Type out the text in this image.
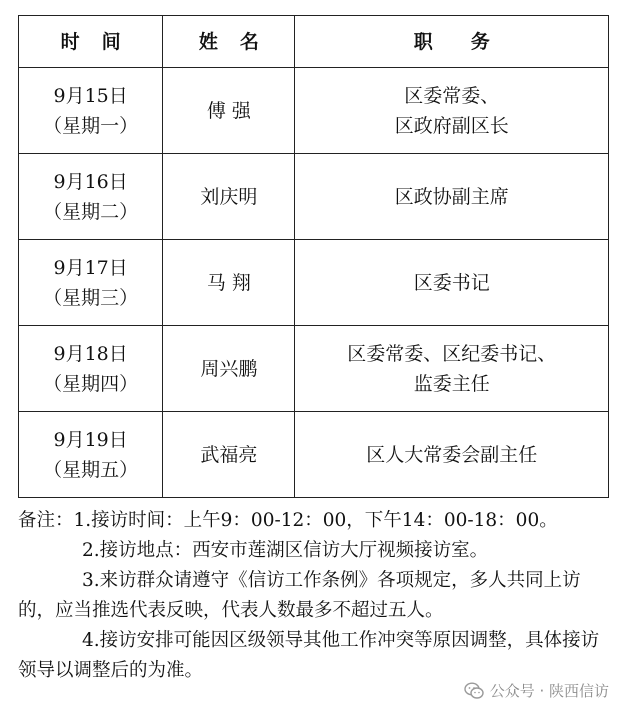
时间	姓名	职务

9月15日
（星期一）	傅 强	区委常委、
区政府副区长

9月16日
（星期二）	刘庆明	区政协副主席

9月17日
（星期三）	马 翔	区委书记

9月18日
（星期四）	周兴鹏	区委常委、区纪委书记、
监委主任

9月19日
（星期五）	武福亮	区人大常委会副主任

备注：1.接访时间：上午9：00-12：00，下午14：00-18：00。

2.接访地点：西安市莲湖区信访大厅视频接访室。

3.来访群众请遵守《信访工作条例》各项规定，多人共同上访的，应当推选代表反映，代表人数最多不超过五人。

4.接访安排可能因区级领导其他工作冲突等原因调整，具体接访领导以调整后的为准。

公众号 · 陕西信访
